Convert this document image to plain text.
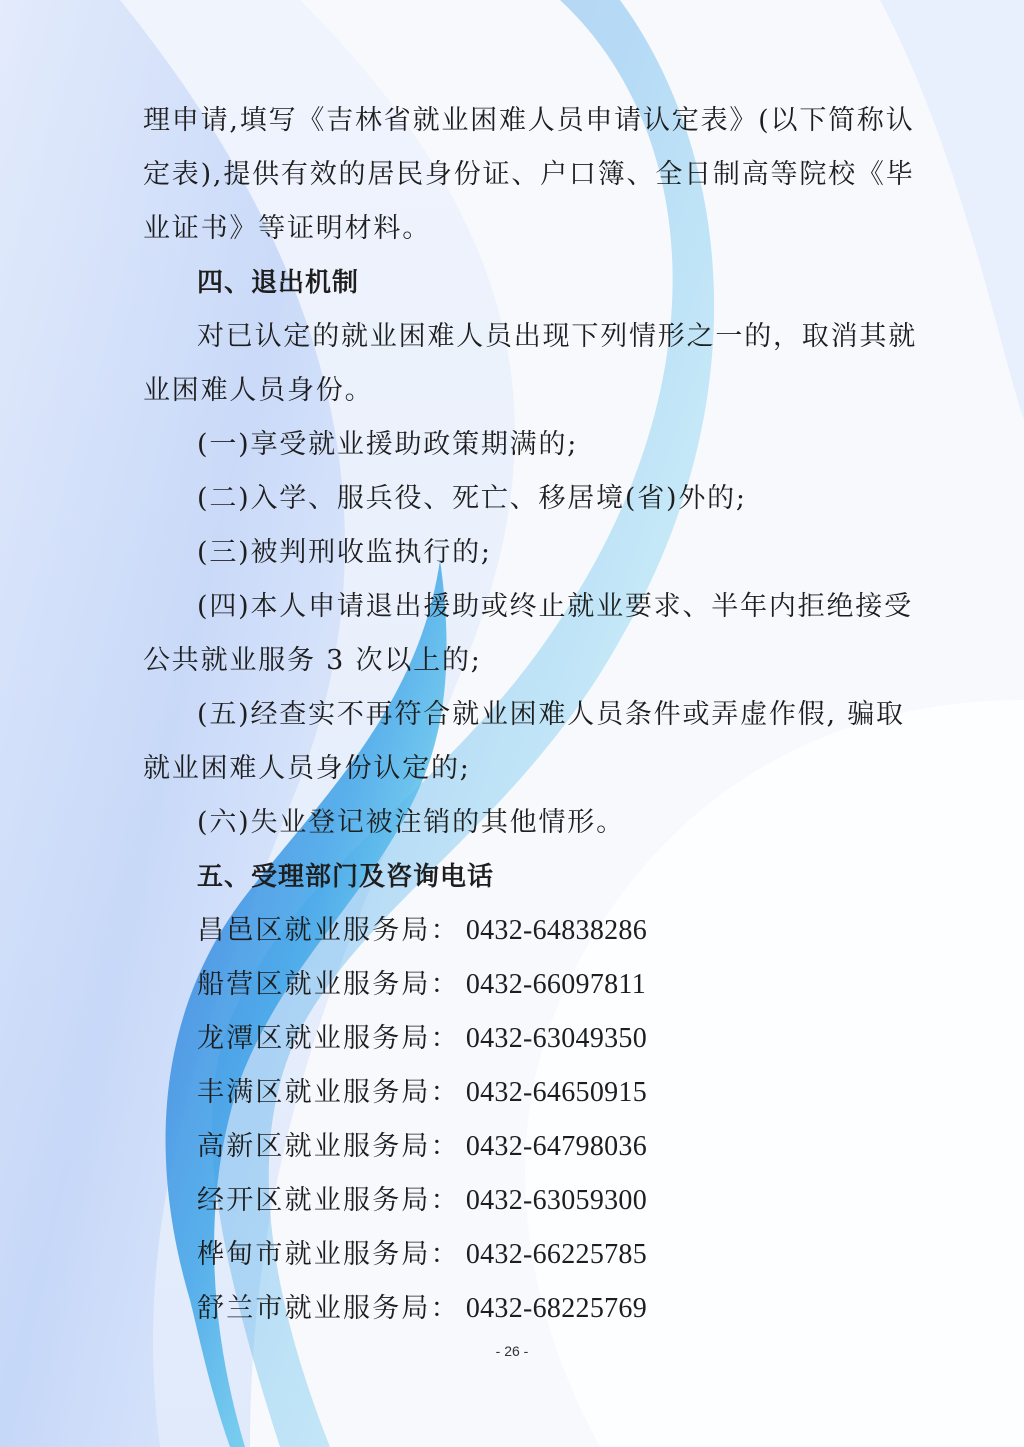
理申请,填写《吉林省就业困难人员申请认定表》(以下简称认

定表),提供有效的居民身份证、户口簿、全日制高等院校《毕

业证书》等证明材料。

四、退出机制

对已认定的就业困难人员出现下列情形之一的，取消其就

业困难人员身份。

(一)享受就业援助政策期满的;

(二)入学、服兵役、死亡、移居境(省)外的;

(三)被判刑收监执行的;

(四)本人申请退出援助或终止就业要求、半年内拒绝接受

公共就业服务 3 次以上的;

(五)经查实不再符合就业困难人员条件或弄虚作假, 骗取

就业困难人员身份认定的;

(六)失业登记被注销的其他情形。

五、受理部门及咨询电话

昌邑区就业服务局： 0432-64838286

船营区就业服务局： 0432-66097811

龙潭区就业服务局： 0432-63049350

丰满区就业服务局： 0432-64650915

高新区就业服务局： 0432-64798036

经开区就业服务局： 0432-63059300

桦甸市就业服务局： 0432-66225785

舒兰市就业服务局： 0432-68225769

- 26 -
